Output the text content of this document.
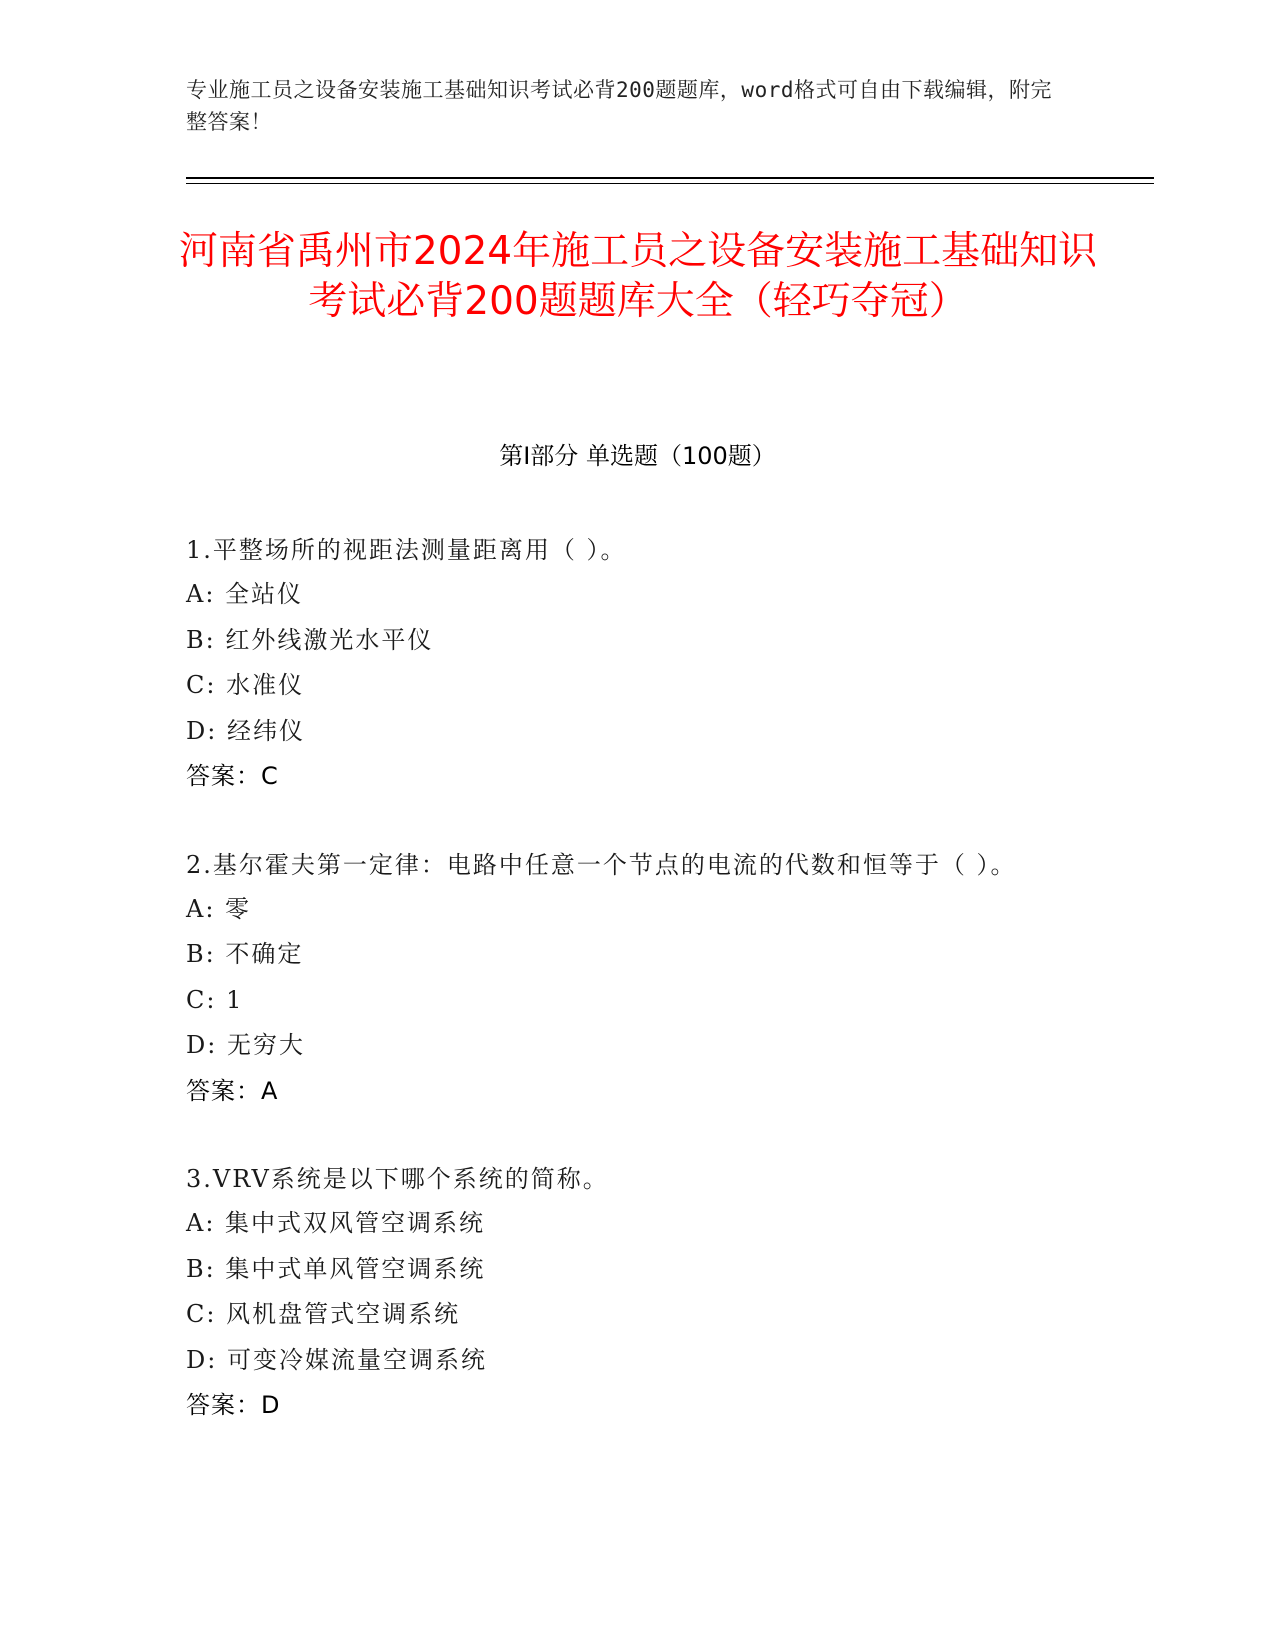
专业施工员之设备安装施工基础知识考试必背200题题库，word格式可自由下载编辑，附完整答案！
河南省禹州市2024年施工员之设备安装施工基础知识考试必背200题题库大全（轻巧夺冠）
第Ⅰ部分 单选题（100题）
1.平整场所的视距法测量距离用（ ）。
A: 全站仪
B: 红外线激光水平仪
C: 水准仪
D: 经纬仪
答案：C
2.基尔霍夫第一定律：电路中任意一个节点的电流的代数和恒等于（ ）。
A: 零
B: 不确定
C: 1
D: 无穷大
答案：A
3.VRV系统是以下哪个系统的简称。
A: 集中式双风管空调系统
B: 集中式单风管空调系统
C: 风机盘管式空调系统
D: 可变冷媒流量空调系统
答案：D
